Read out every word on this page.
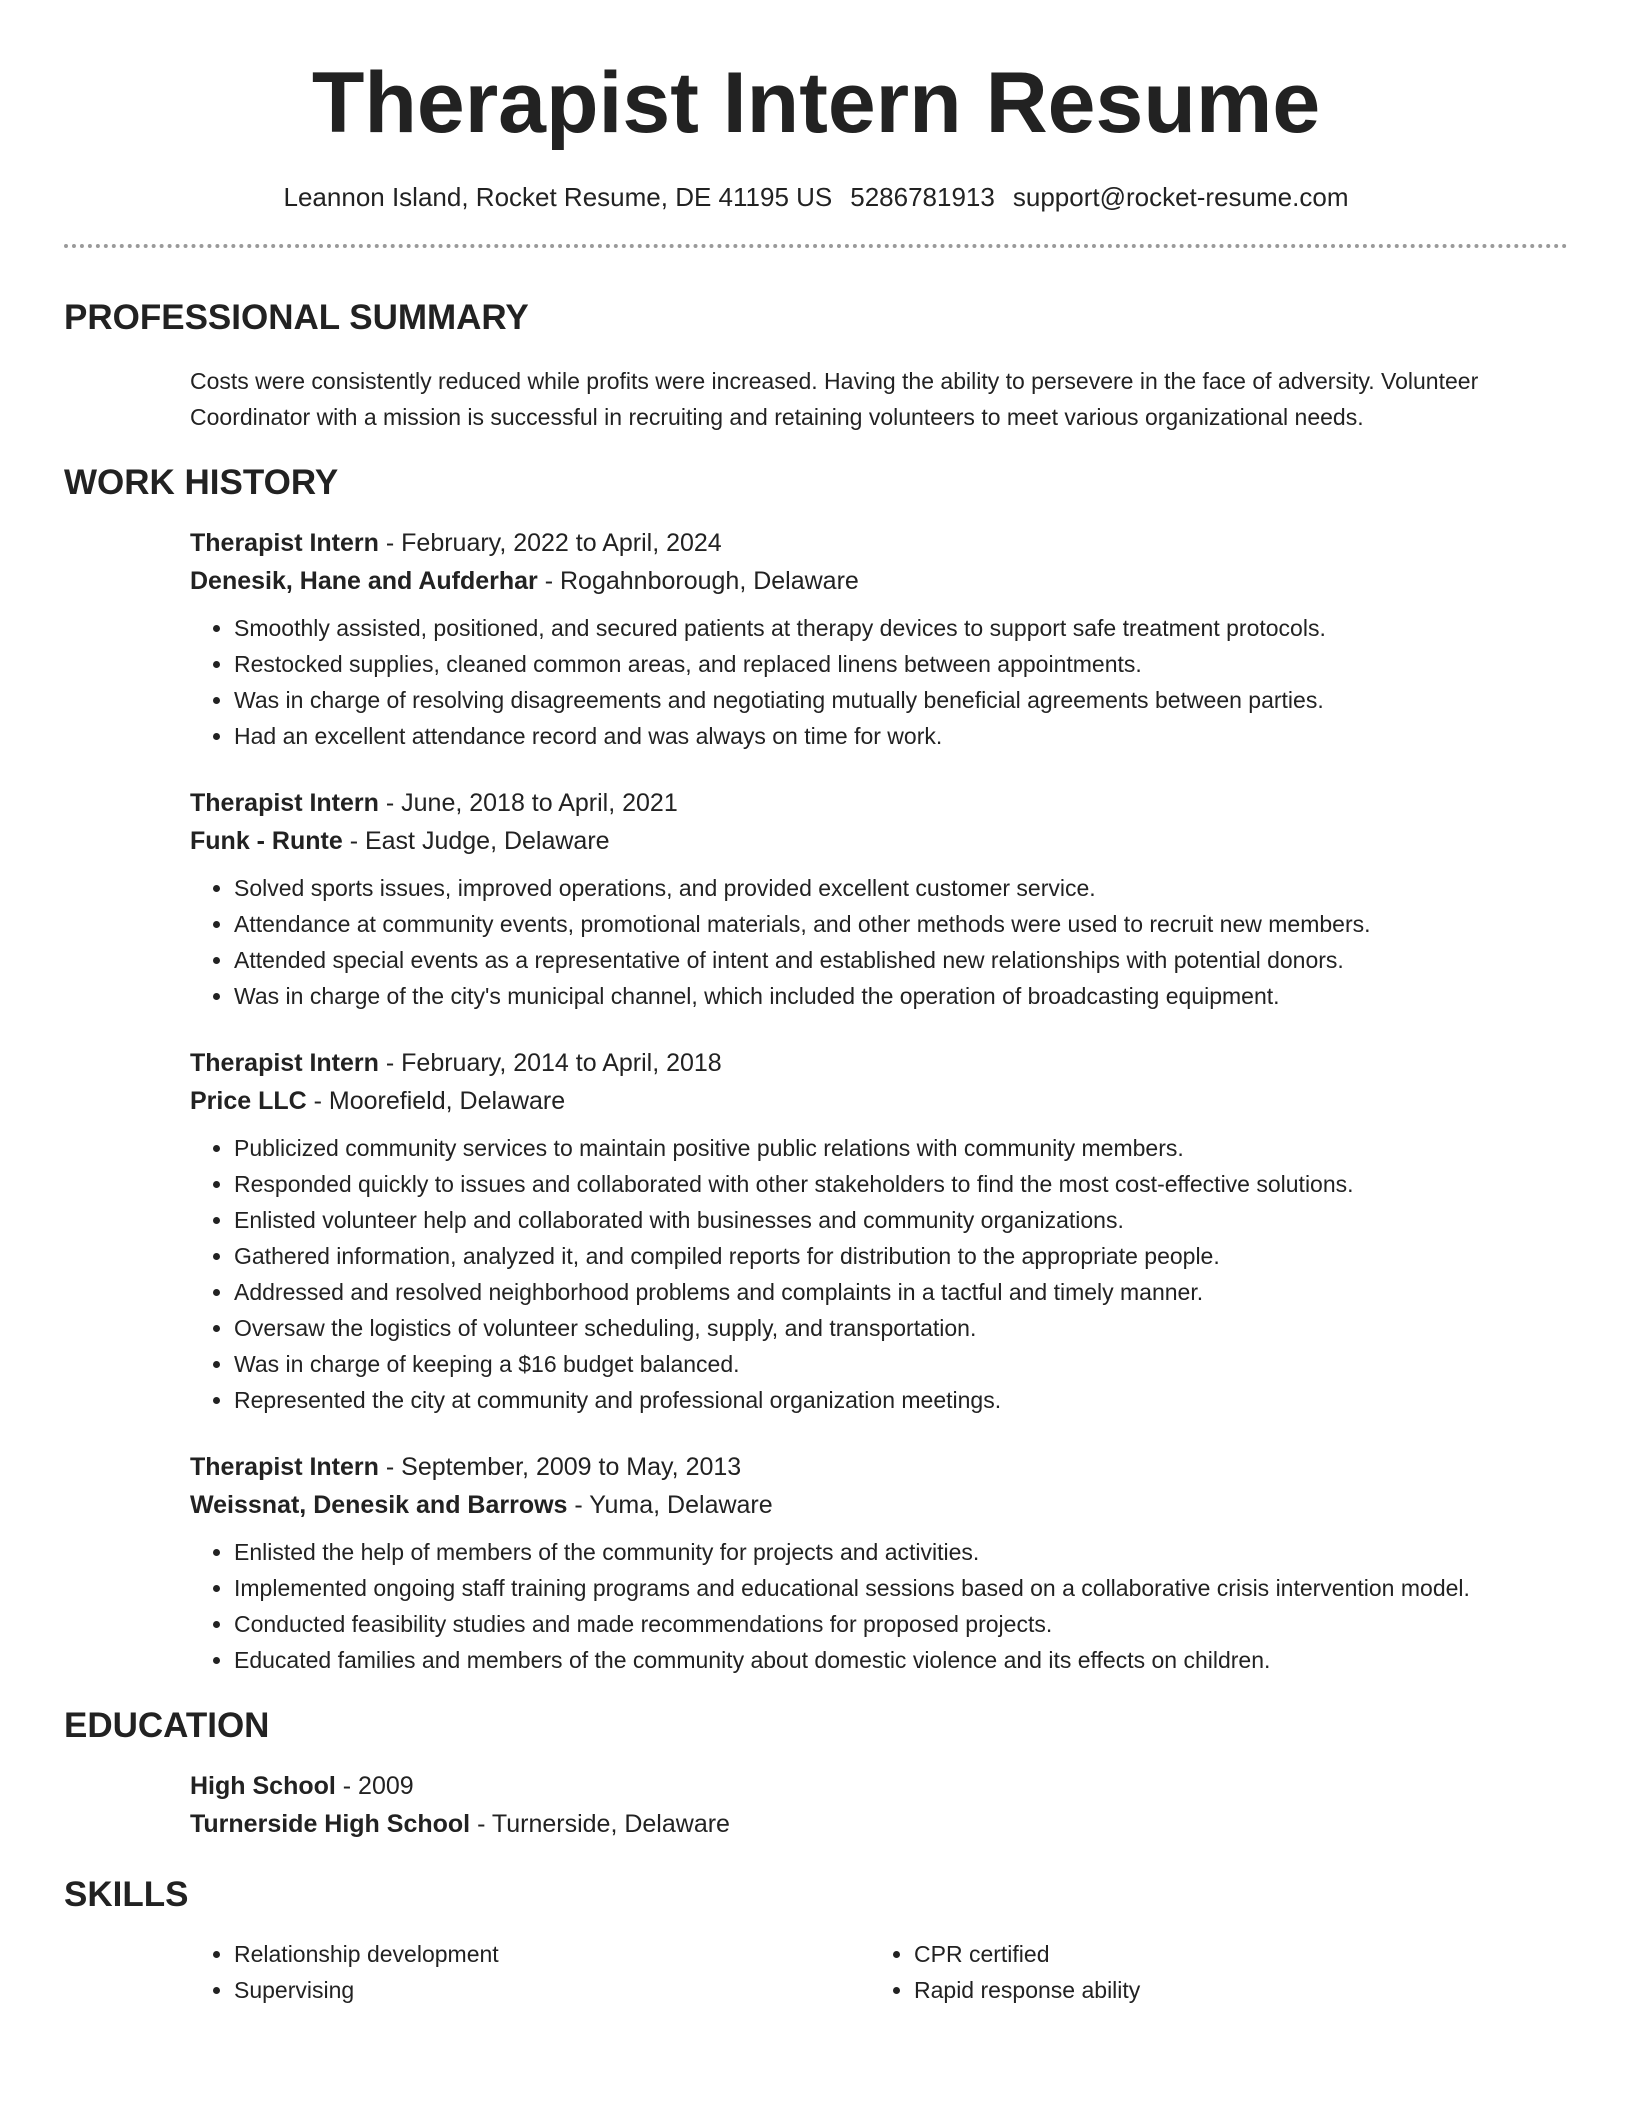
Therapist Intern Resume
Leannon Island, Rocket Resume, DE 41195 US 5286781913 support@rocket-resume.com
PROFESSIONAL SUMMARY
Costs were consistently reduced while profits were increased. Having the ability to persevere in the face of adversity. Volunteer Coordinator with a mission is successful in recruiting and retaining volunteers to meet various organizational needs.
WORK HISTORY
Therapist Intern - February, 2022 to April, 2024
Denesik, Hane and Aufderhar - Rogahnborough, Delaware
• Smoothly assisted, positioned, and secured patients at therapy devices to support safe treatment protocols.
• Restocked supplies, cleaned common areas, and replaced linens between appointments.
• Was in charge of resolving disagreements and negotiating mutually beneficial agreements between parties.
• Had an excellent attendance record and was always on time for work.
Therapist Intern - June, 2018 to April, 2021
Funk - Runte - East Judge, Delaware
• Solved sports issues, improved operations, and provided excellent customer service.
• Attendance at community events, promotional materials, and other methods were used to recruit new members.
• Attended special events as a representative of intent and established new relationships with potential donors.
• Was in charge of the city's municipal channel, which included the operation of broadcasting equipment.
Therapist Intern - February, 2014 to April, 2018
Price LLC - Moorefield, Delaware
• Publicized community services to maintain positive public relations with community members.
• Responded quickly to issues and collaborated with other stakeholders to find the most cost-effective solutions.
• Enlisted volunteer help and collaborated with businesses and community organizations.
• Gathered information, analyzed it, and compiled reports for distribution to the appropriate people.
• Addressed and resolved neighborhood problems and complaints in a tactful and timely manner.
• Oversaw the logistics of volunteer scheduling, supply, and transportation.
• Was in charge of keeping a $16 budget balanced.
• Represented the city at community and professional organization meetings.
Therapist Intern - September, 2009 to May, 2013
Weissnat, Denesik and Barrows - Yuma, Delaware
• Enlisted the help of members of the community for projects and activities.
• Implemented ongoing staff training programs and educational sessions based on a collaborative crisis intervention model.
• Conducted feasibility studies and made recommendations for proposed projects.
• Educated families and members of the community about domestic violence and its effects on children.
EDUCATION
High School - 2009
Turnerside High School - Turnerside, Delaware
SKILLS
• Relationship development
• Supervising
• CPR certified
• Rapid response ability
